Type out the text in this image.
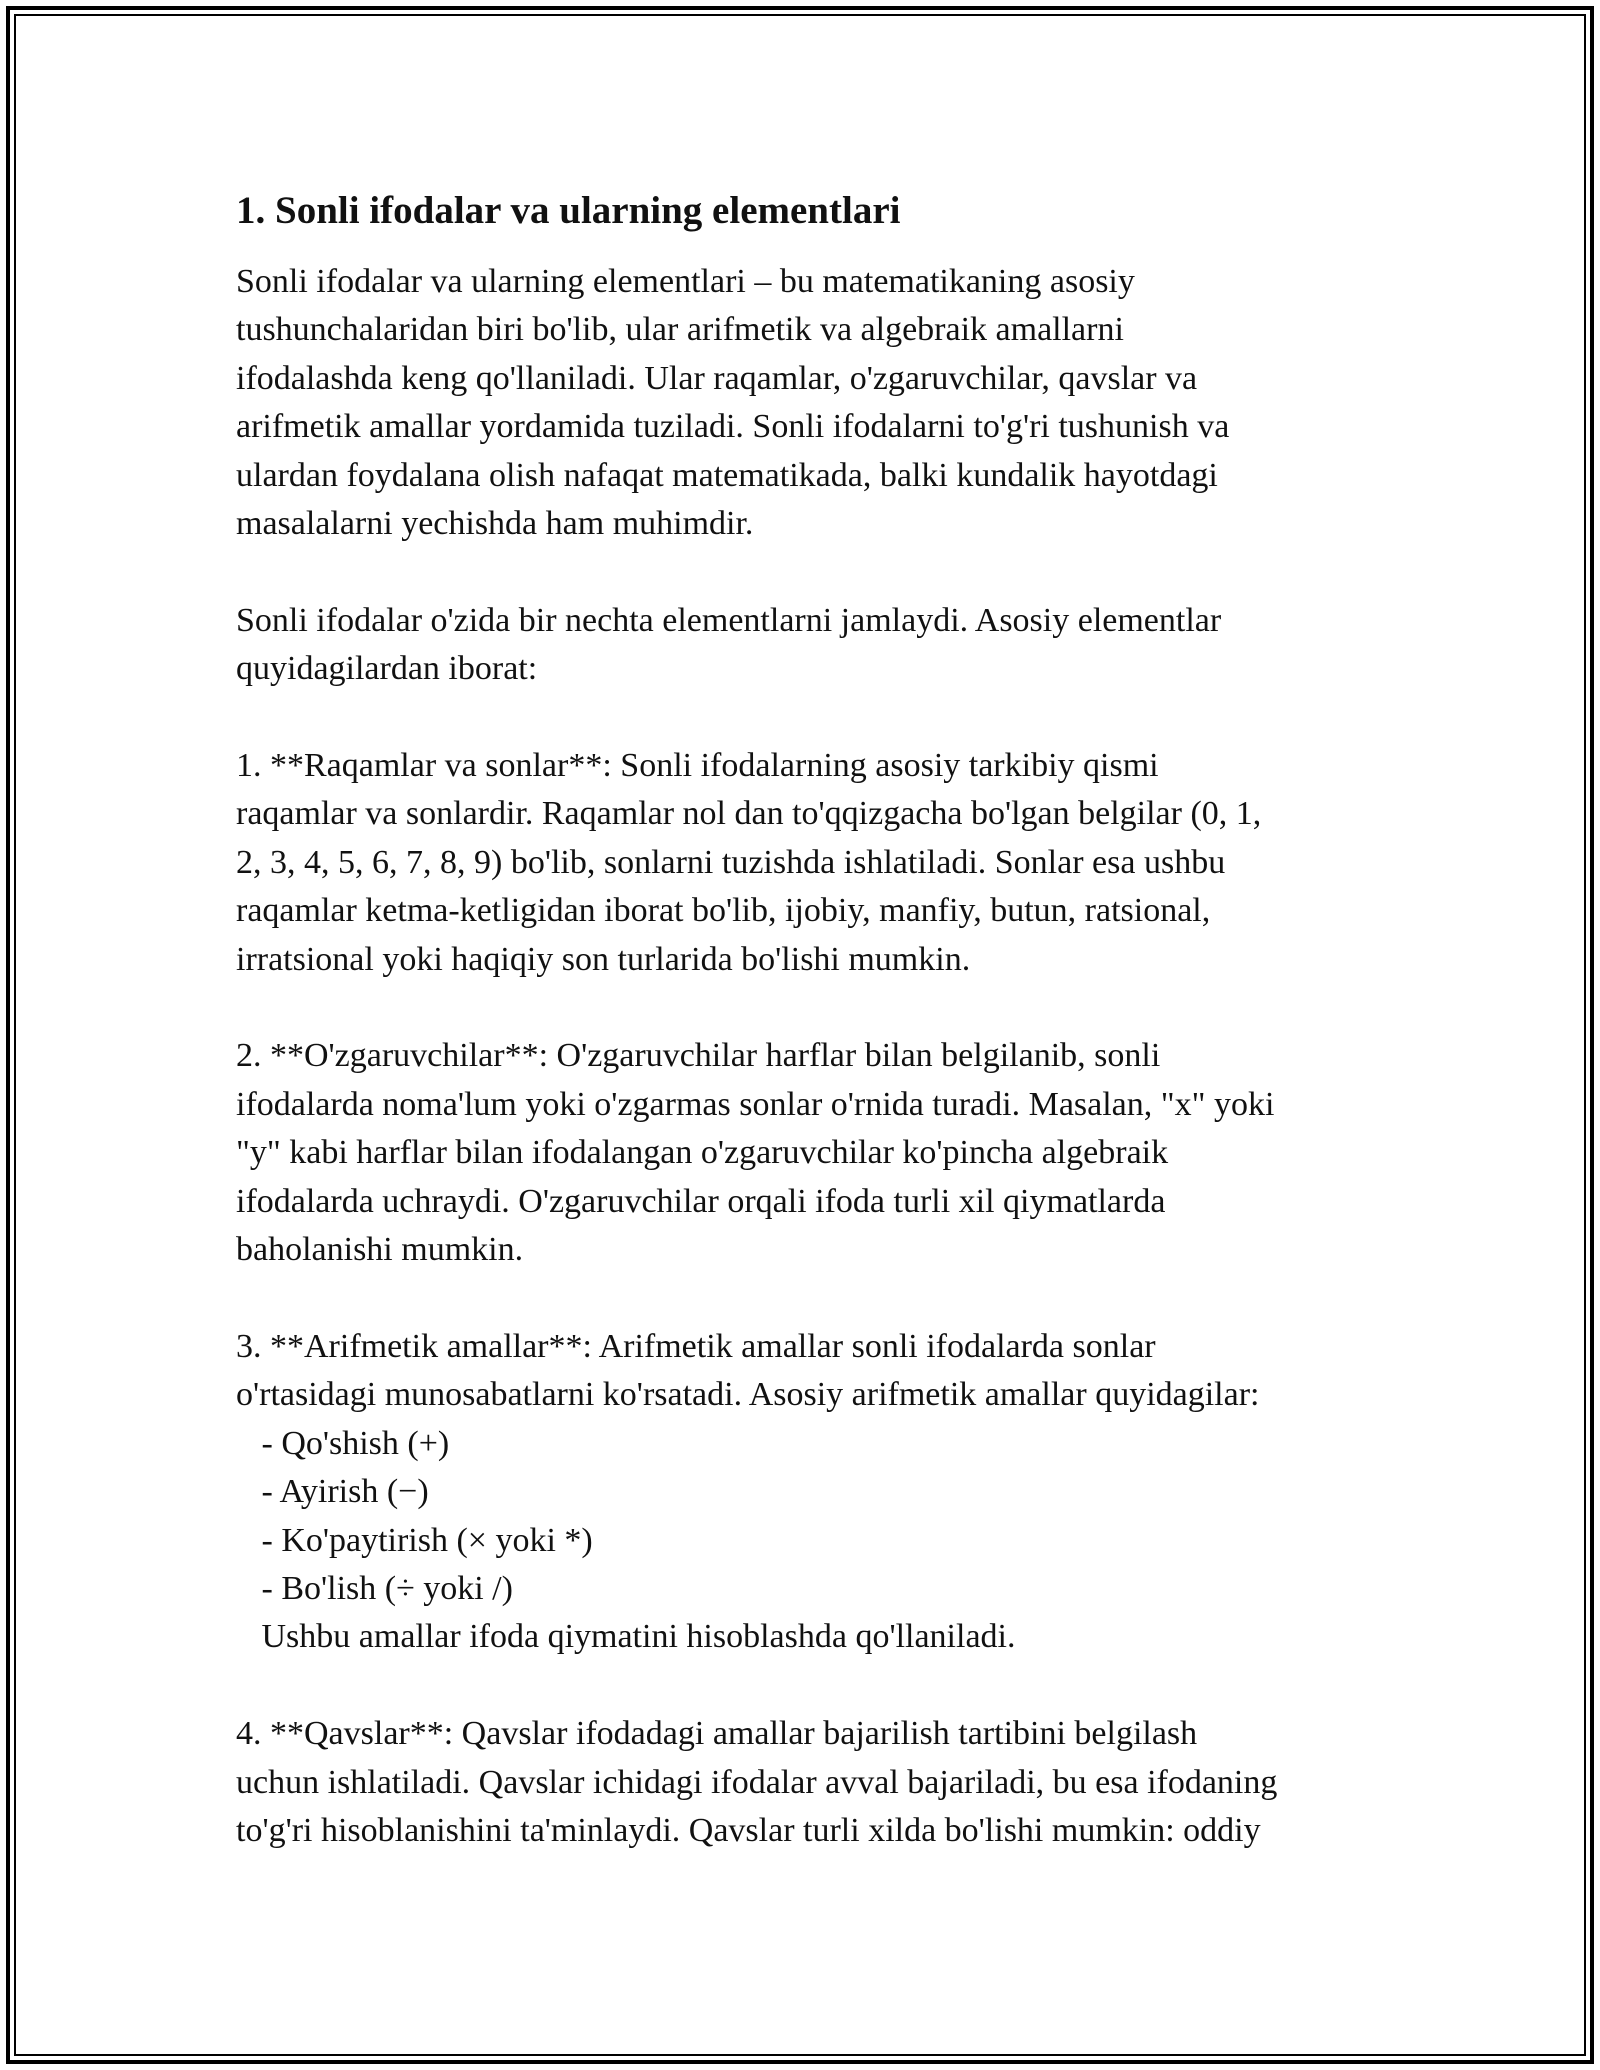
1. Sonli ifodalar va ularning elementlari

Sonli ifodalar va ularning elementlari – bu matematikaning asosiy
tushunchalaridan biri bo'lib, ular arifmetik va algebraik amallarni
ifodalashda keng qo'llaniladi. Ular raqamlar, o'zgaruvchilar, qavslar va
arifmetik amallar yordamida tuziladi. Sonli ifodalarni to'g'ri tushunish va
ulardan foydalana olish nafaqat matematikada, balki kundalik hayotdagi
masalalarni yechishda ham muhimdir.

Sonli ifodalar o'zida bir nechta elementlarni jamlaydi. Asosiy elementlar
quyidagilardan iborat:

1. **Raqamlar va sonlar**: Sonli ifodalarning asosiy tarkibiy qismi
raqamlar va sonlardir. Raqamlar nol dan to'qqizgacha bo'lgan belgilar (0, 1,
2, 3, 4, 5, 6, 7, 8, 9) bo'lib, sonlarni tuzishda ishlatiladi. Sonlar esa ushbu
raqamlar ketma-ketligidan iborat bo'lib, ijobiy, manfiy, butun, ratsional,
irratsional yoki haqiqiy son turlarida bo'lishi mumkin.

2. **O'zgaruvchilar**: O'zgaruvchilar harflar bilan belgilanib, sonli
ifodalarda noma'lum yoki o'zgarmas sonlar o'rnida turadi. Masalan, "x" yoki
"y" kabi harflar bilan ifodalangan o'zgaruvchilar ko'pincha algebraik
ifodalarda uchraydi. O'zgaruvchilar orqali ifoda turli xil qiymatlarda
baholanishi mumkin.

3. **Arifmetik amallar**: Arifmetik amallar sonli ifodalarda sonlar
o'rtasidagi munosabatlarni ko'rsatadi. Asosiy arifmetik amallar quyidagilar:
- Qo'shish (+)
- Ayirish (−)
- Ko'paytirish (× yoki *)
- Bo'lish (÷ yoki /)
Ushbu amallar ifoda qiymatini hisoblashda qo'llaniladi.

4. **Qavslar**: Qavslar ifodadagi amallar bajarilish tartibini belgilash
uchun ishlatiladi. Qavslar ichidagi ifodalar avval bajariladi, bu esa ifodaning
to'g'ri hisoblanishini ta'minlaydi. Qavslar turli xilda bo'lishi mumkin: oddiy
